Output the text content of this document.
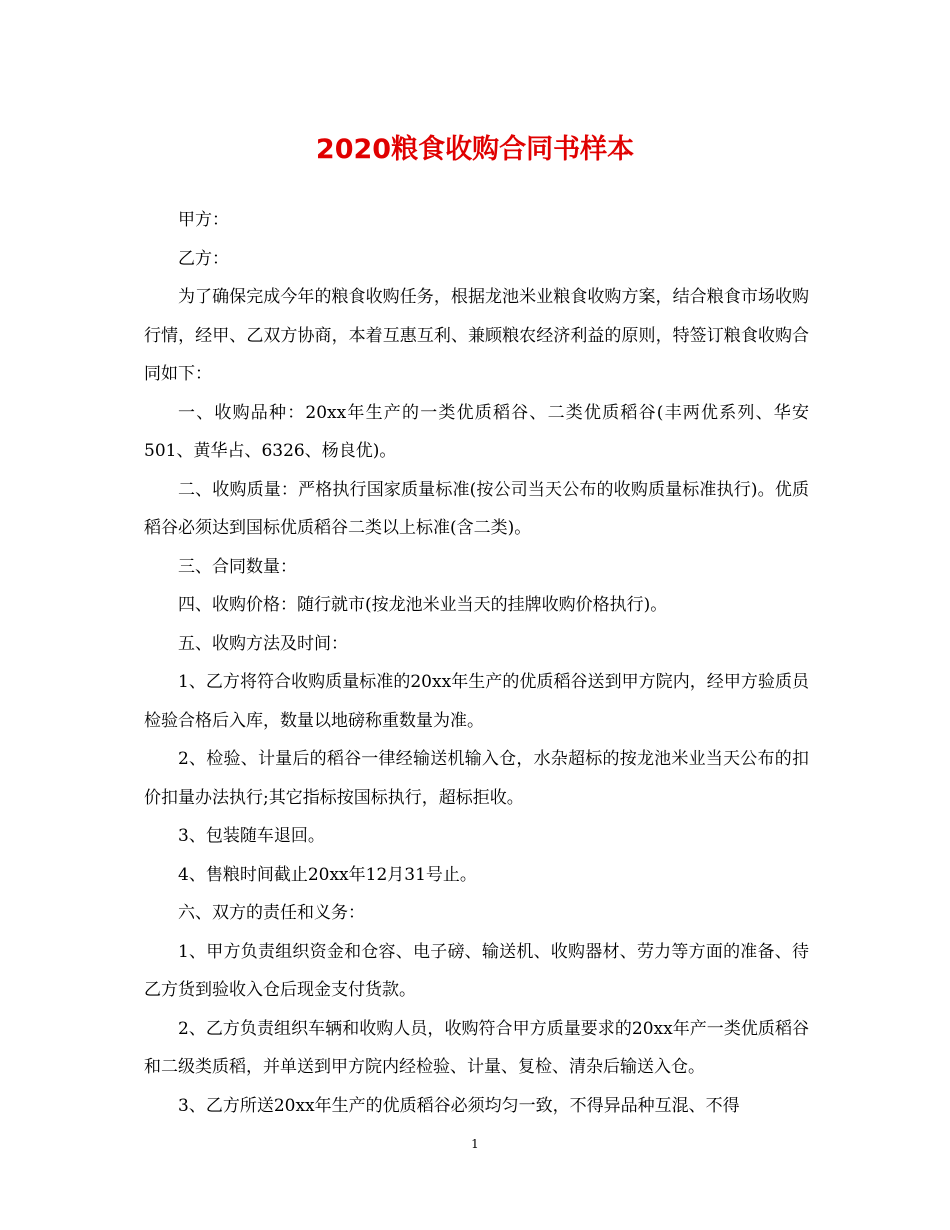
2020粮食收购合同书样本

甲方：

乙方：

为了确保完成今年的粮食收购任务，根据龙池米业粮食收购方案，结合粮食市场收购行情，经甲、乙双方协商，本着互惠互利、兼顾粮农经济利益的原则，特签订粮食收购合同如下：

一、收购品种：20xx年生产的一类优质稻谷、二类优质稻谷(丰两优系列、华安501、黄华占、6326、杨良优)。

二、收购质量：严格执行国家质量标准(按公司当天公布的收购质量标准执行)。优质稻谷必须达到国标优质稻谷二类以上标准(含二类)。

三、合同数量：

四、收购价格：随行就市(按龙池米业当天的挂牌收购价格执行)。

五、收购方法及时间：

1、乙方将符合收购质量标准的20xx年生产的优质稻谷送到甲方院内，经甲方验质员检验合格后入库，数量以地磅称重数量为准。

2、检验、计量后的稻谷一律经输送机输入仓，水杂超标的按龙池米业当天公布的扣价扣量办法执行;其它指标按国标执行，超标拒收。

3、包装随车退回。

4、售粮时间截止20xx年12月31号止。

六、双方的责任和义务：

1、甲方负责组织资金和仓容、电子磅、输送机、收购器材、劳力等方面的准备、待乙方货到验收入仓后现金支付货款。

2、乙方负责组织车辆和收购人员，收购符合甲方质量要求的20xx年产一类优质稻谷和二级类质稻，并单送到甲方院内经检验、计量、复检、清杂后输送入仓。

3、乙方所送20xx年生产的优质稻谷必须均匀一致，不得异品种互混、不得

1
